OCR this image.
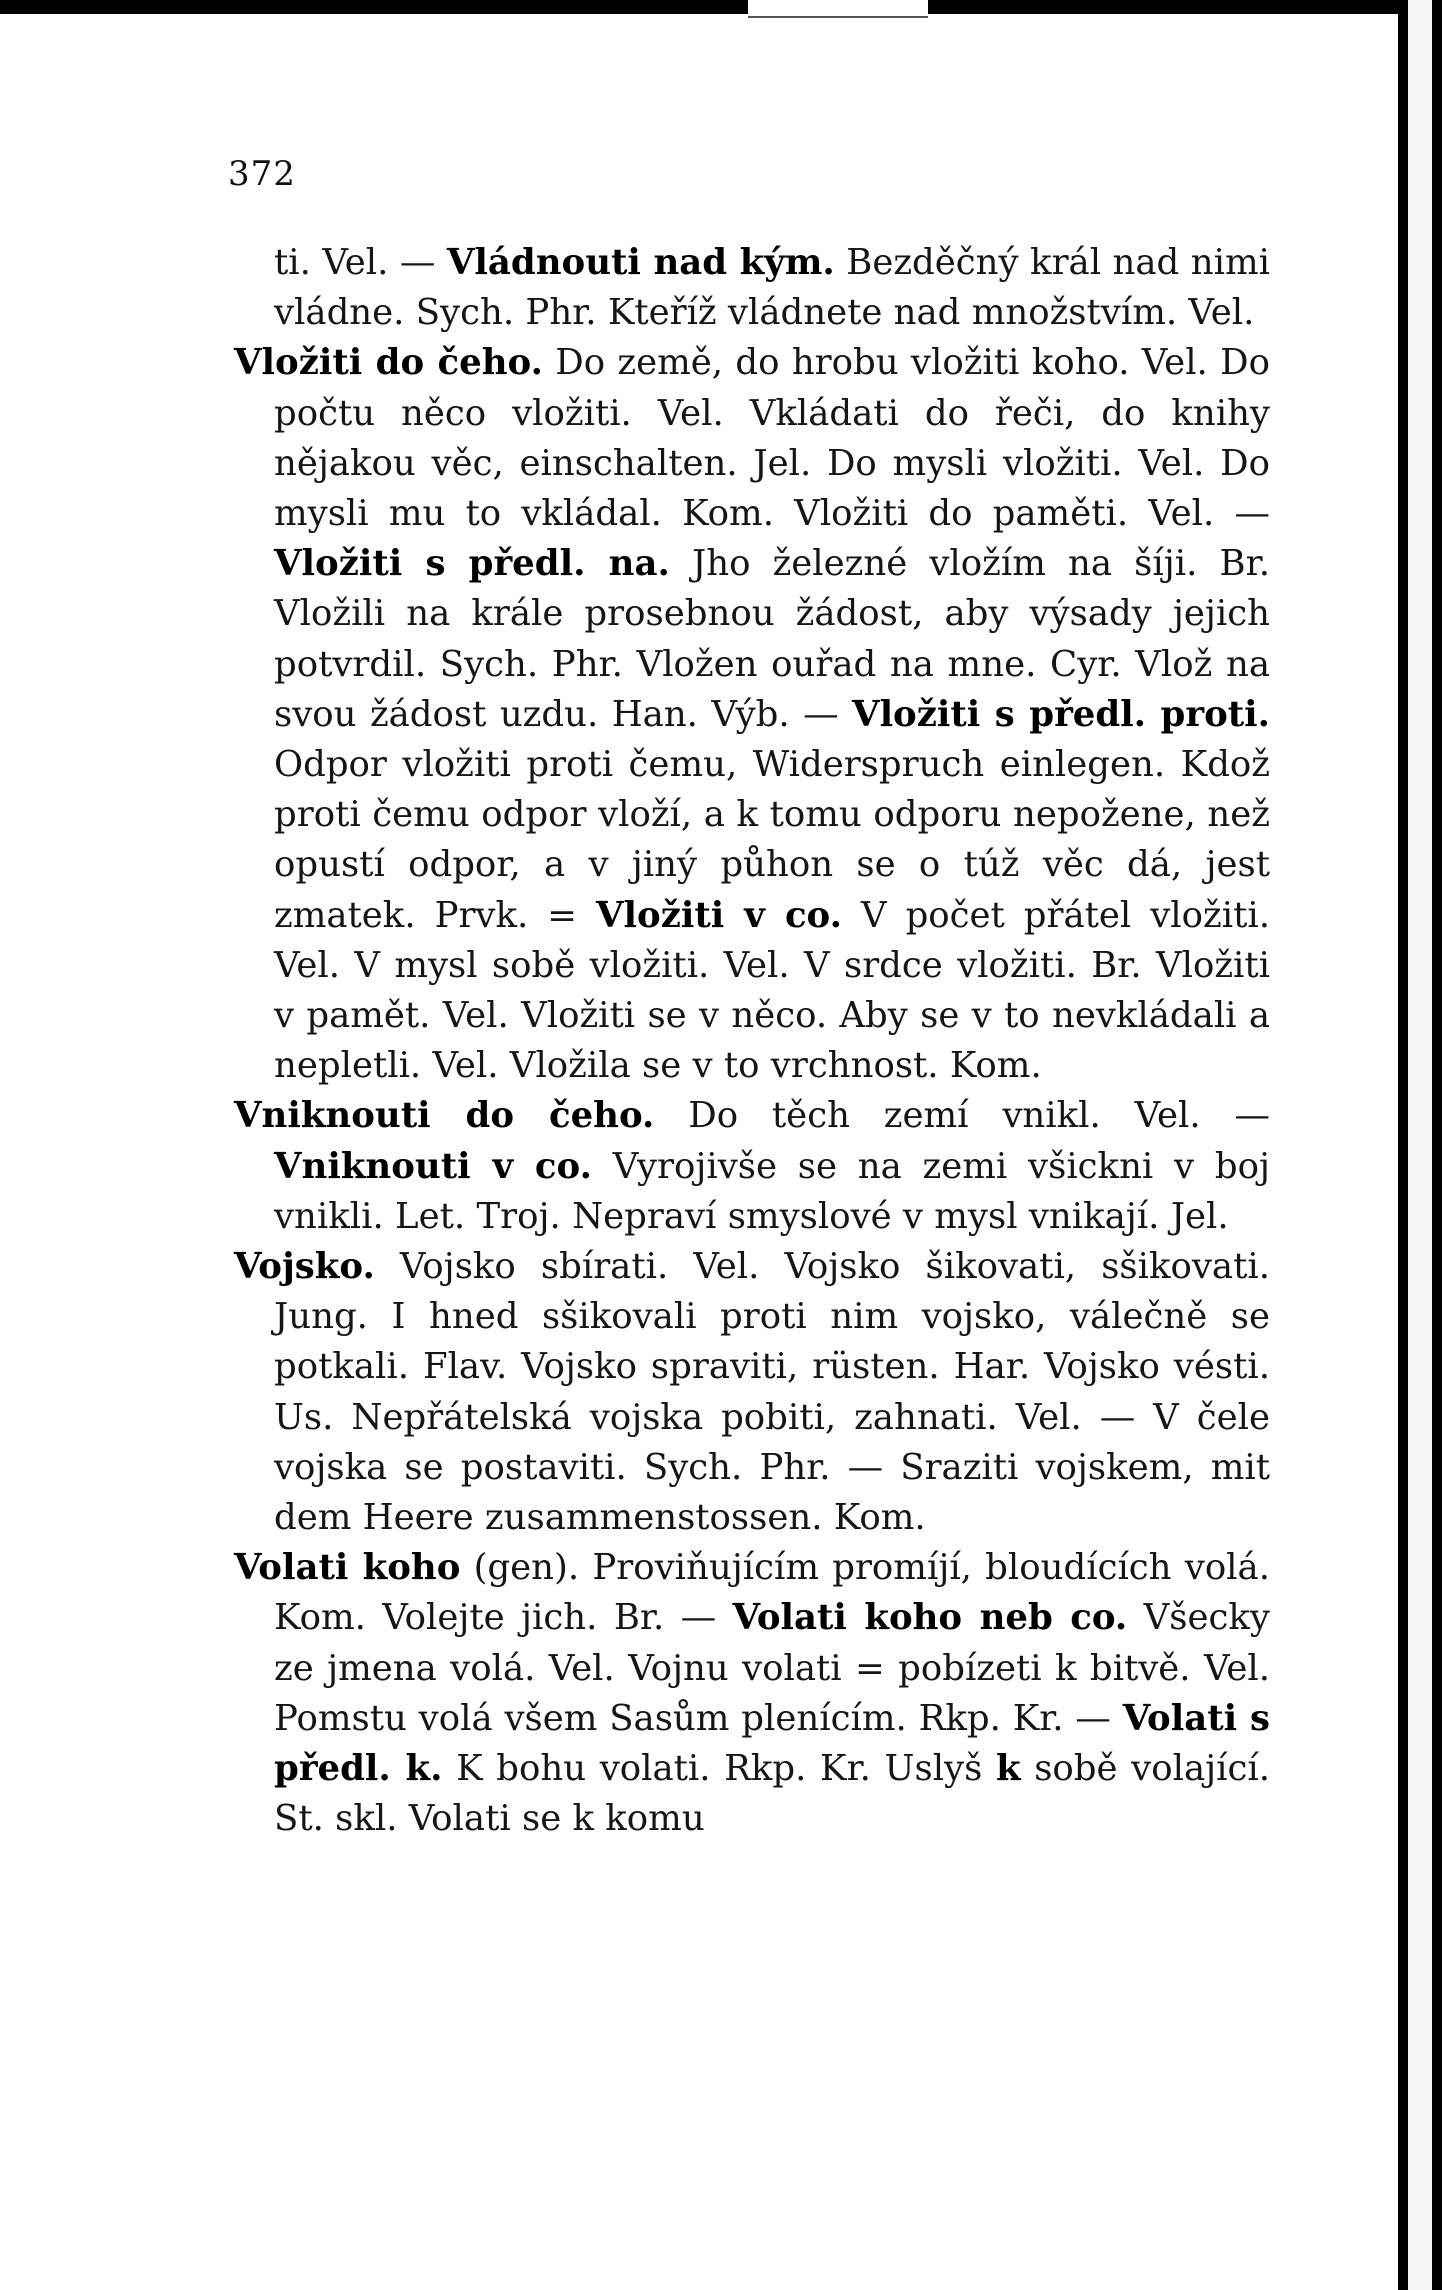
372

ti. Vel. — Vládnouti nad kým. Bezděčný král nad nimi vládne. Sych. Phr. Kteříž vládnete nad množstvím. Vel.

Vložiti do čeho. Do země, do hrobu vložiti koho. Vel. Do počtu něco vložiti. Vel. Vkládati do řeči, do knihy nějakou věc, einschalten. Jel. Do mysli vložiti. Vel. Do mysli mu to vkládal. Kom. Vložiti do paměti. Vel. — Vložiti s předl. na. Jho železné vložím na šíji. Br. Vložili na krále prosebnou žádost, aby výsady jejich potvrdil. Sych. Phr. Vložen ouřad na mne. Cyr. Vlož na svou žádost uzdu. Han. Výb. — Vložiti s předl. proti. Odpor vložiti proti čemu, Widerspruch einlegen. Kdož proti čemu odpor vloží, a k tomu odporu nepožene, než opustí odpor, a v jiný půhon se o túž věc dá, jest zmatek. Prvk. = Vložiti v co. V počet přátel vložiti. Vel. V mysl sobě vložiti. Vel. V srdce vložiti. Br. Vložiti v pamět. Vel. Vložiti se v něco. Aby se v to nevkládali a nepletli. Vel. Vložila se v to vrchnost. Kom.

Vniknouti do čeho. Do těch zemí vnikl. Vel. — Vniknouti v co. Vyrojivše se na zemi všickni v boj vnikli. Let. Troj. Nepraví smyslové v mysl vnikají. Jel.

Vojsko. Vojsko sbírati. Vel. Vojsko šikovati, sšikovati. Jung. I hned sšikovali proti nim vojsko, válečně se potkali. Flav. Vojsko spraviti, rüsten. Har. Vojsko vésti. Us. Nepřátelská vojska pobiti, zahnati. Vel. — V čele vojska se postaviti. Sych. Phr. — Sraziti vojskem, mit dem Heere zusammenstossen. Kom.

Volati koho (gen). Proviňujícím promíjí, bloudících volá. Kom. Volejte jich. Br. — Volati koho neb co. Všecky ze jmena volá. Vel. Vojnu volati = pobízeti k bitvě. Vel. Pomstu volá všem Sasům plenícím. Rkp. Kr. — Volati s předl. k. K bohu volati. Rkp. Kr. Uslyš k sobě volající. St. skl. Volati se k komu
